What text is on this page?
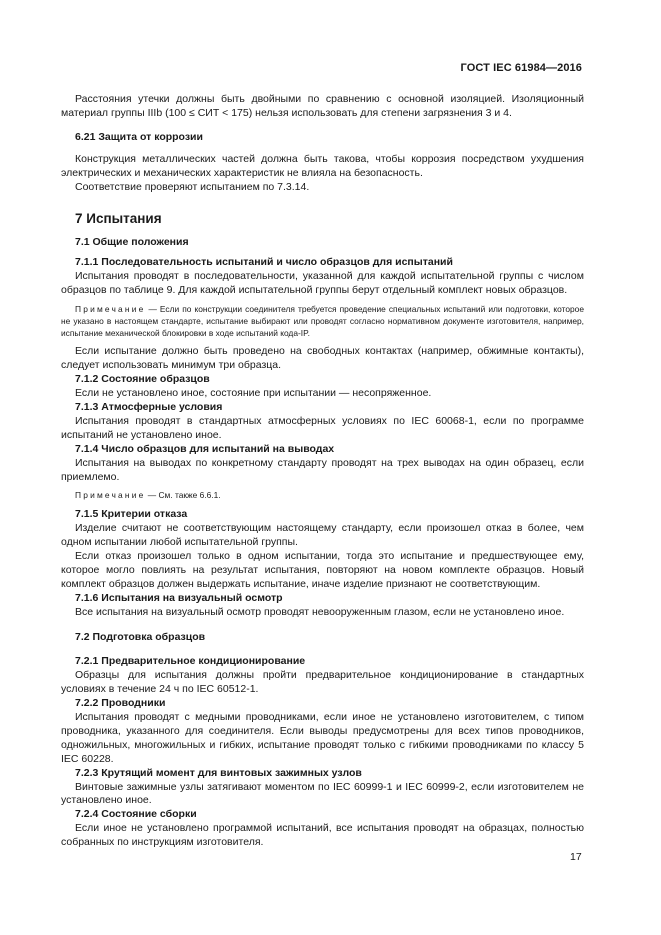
ГОСТ IEC 61984—2016

Расстояния утечки должны быть двойными по сравнению с основной изоляцией. Изоляционный материал группы IIIb (100 ≤ СИТ < 175) нельзя использовать для степени загрязнения 3 и 4.

6.21 Защита от коррозии

Конструкция металлических частей должна быть такова, чтобы коррозия посредством ухудшения электрических и механических характеристик не влияла на безопасность.

Соответствие проверяют испытанием по 7.3.14.

7 Испытания

7.1 Общие положения

7.1.1 Последовательность испытаний и число образцов для испытаний

Испытания проводят в последовательности, указанной для каждой испытательной группы с числом образцов по таблице 9. Для каждой испытательной группы берут отдельный комплект новых образцов.

Примечание — Если по конструкции соединителя требуется проведение специальных испытаний или подготовки, которое не указано в настоящем стандарте, испытание выбирают или проводят согласно нормативном документе изготовителя, например, испытание механической блокировки в ходе испытаний кода-IP.

Если испытание должно быть проведено на свободных контактах (например, обжимные контакты), следует использовать минимум три образца.

7.1.2 Состояние образцов

Если не установлено иное, состояние при испытании — несопряженное.

7.1.3 Атмосферные условия

Испытания проводят в стандартных атмосферных условиях по IEC 60068-1, если по программе испытаний не установлено иное.

7.1.4 Число образцов для испытаний на выводах

Испытания на выводах по конкретному стандарту проводят на трех выводах на один образец, если приемлемо.

Примечание — См. также 6.6.1.

7.1.5 Критерии отказа

Изделие считают не соответствующим настоящему стандарту, если произошел отказ в более, чем одном испытании любой испытательной группы.

Если отказ произошел только в одном испытании, тогда это испытание и предшествующее ему, которое могло повлиять на результат испытания, повторяют на новом комплекте образцов. Новый комплект образцов должен выдержать испытание, иначе изделие признают не соответствующим.

7.1.6 Испытания на визуальный осмотр

Все испытания на визуальный осмотр проводят невооруженным глазом, если не установлено иное.

7.2 Подготовка образцов

7.2.1 Предварительное кондиционирование

Образцы для испытания должны пройти предварительное кондиционирование в стандартных условиях в течение 24 ч по IEC 60512-1.

7.2.2 Проводники

Испытания проводят с медными проводниками, если иное не установлено изготовителем, с типом проводника, указанного для соединителя. Если выводы предусмотрены для всех типов проводников, одножильных, многожильных и гибких, испытание проводят только с гибкими проводниками по классу 5 IEC 60228.

7.2.3 Крутящий момент для винтовых зажимных узлов

Винтовые зажимные узлы затягивают моментом по IEC 60999-1 и IEC 60999-2, если изготовителем не установлено иное.

7.2.4 Состояние сборки

Если иное не установлено программой испытаний, все испытания проводят на образцах, полностью собранных по инструкциям изготовителя.

17
